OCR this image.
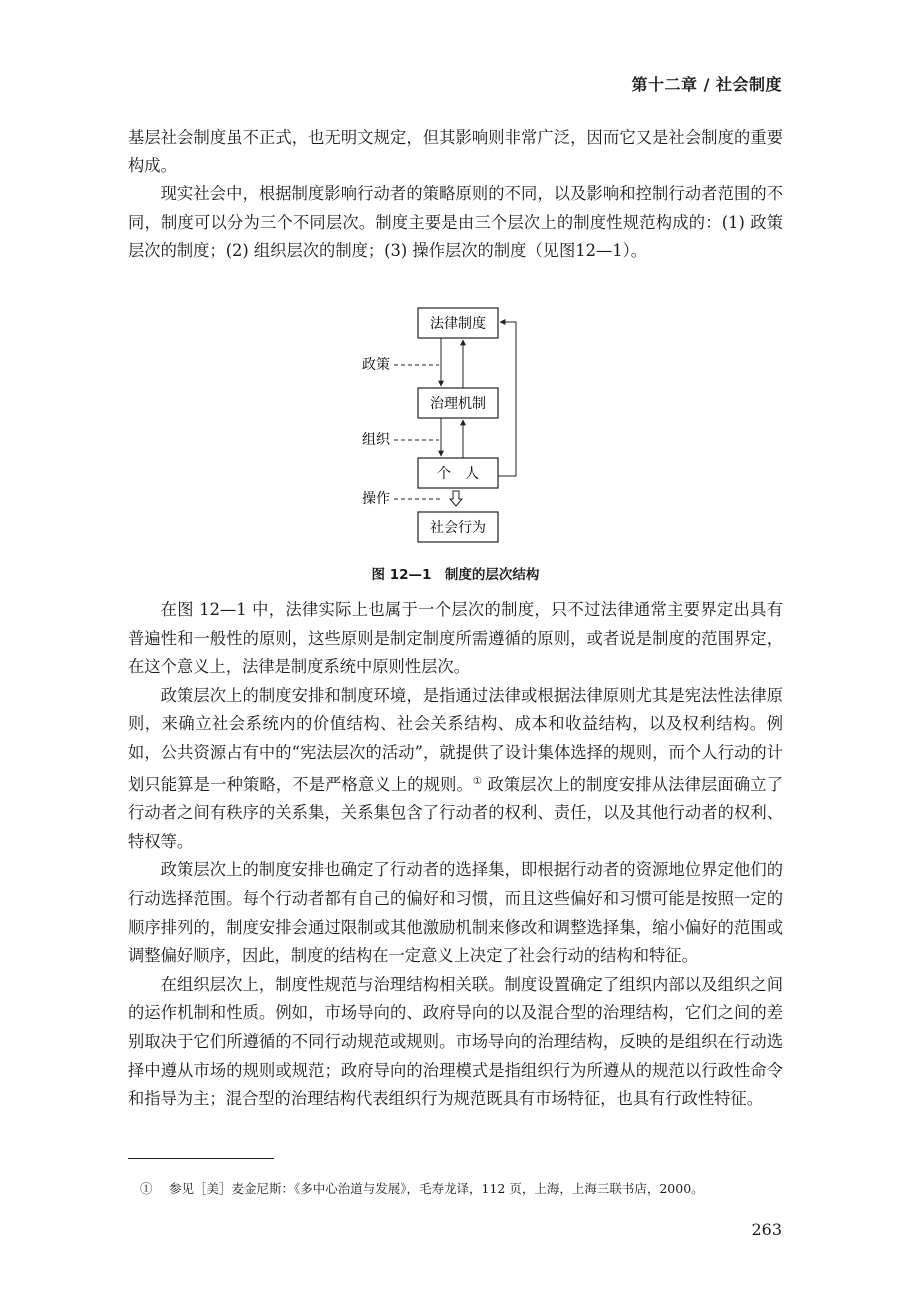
第十二章 / 社会制度

基层社会制度虽不正式，也无明文规定，但其影响则非常广泛，因而它又是社会制度的重要构成。

现实社会中，根据制度影响行动者的策略原则的不同，以及影响和控制行动者范围的不同，制度可以分为三个不同层次。制度主要是由三个层次上的制度性规范构成的：(1) 政策层次的制度；(2) 组织层次的制度；(3) 操作层次的制度（见图12—1）。

法律制度
治理机制
个　人
社会行为
政策
组织
操作
图 12—1　制度的层次结构

在图 12—1 中，法律实际上也属于一个层次的制度，只不过法律通常主要界定出具有普遍性和一般性的原则，这些原则是制定制度所需遵循的原则，或者说是制度的范围界定，在这个意义上，法律是制度系统中原则性层次。

政策层次上的制度安排和制度环境，是指通过法律或根据法律原则尤其是宪法性法律原则，来确立社会系统内的价值结构、社会关系结构、成本和收益结构，以及权利结构。例如，公共资源占有中的“宪法层次的活动”，就提供了设计集体选择的规则，而个人行动的计划只能算是一种策略，不是严格意义上的规则。① 政策层次上的制度安排从法律层面确立了行动者之间有秩序的关系集，关系集包含了行动者的权利、责任，以及其他行动者的权利、特权等。

政策层次上的制度安排也确定了行动者的选择集，即根据行动者的资源地位界定他们的行动选择范围。每个行动者都有自己的偏好和习惯，而且这些偏好和习惯可能是按照一定的顺序排列的，制度安排会通过限制或其他激励机制来修改和调整选择集，缩小偏好的范围或调整偏好顺序，因此，制度的结构在一定意义上决定了社会行动的结构和特征。

在组织层次上，制度性规范与治理结构相关联。制度设置确定了组织内部以及组织之间的运作机制和性质。例如，市场导向的、政府导向的以及混合型的治理结构，它们之间的差别取决于它们所遵循的不同行动规范或规则。市场导向的治理结构，反映的是组织在行动选择中遵从市场的规则或规范；政府导向的治理模式是指组织行为所遵从的规范以行政性命令和指导为主；混合型的治理结构代表组织行为规范既具有市场特征，也具有行政性特征。

①　 参见［美］麦金尼斯：《多中心治道与发展》，毛寿龙译，112 页，上海，上海三联书店，2000。
263
